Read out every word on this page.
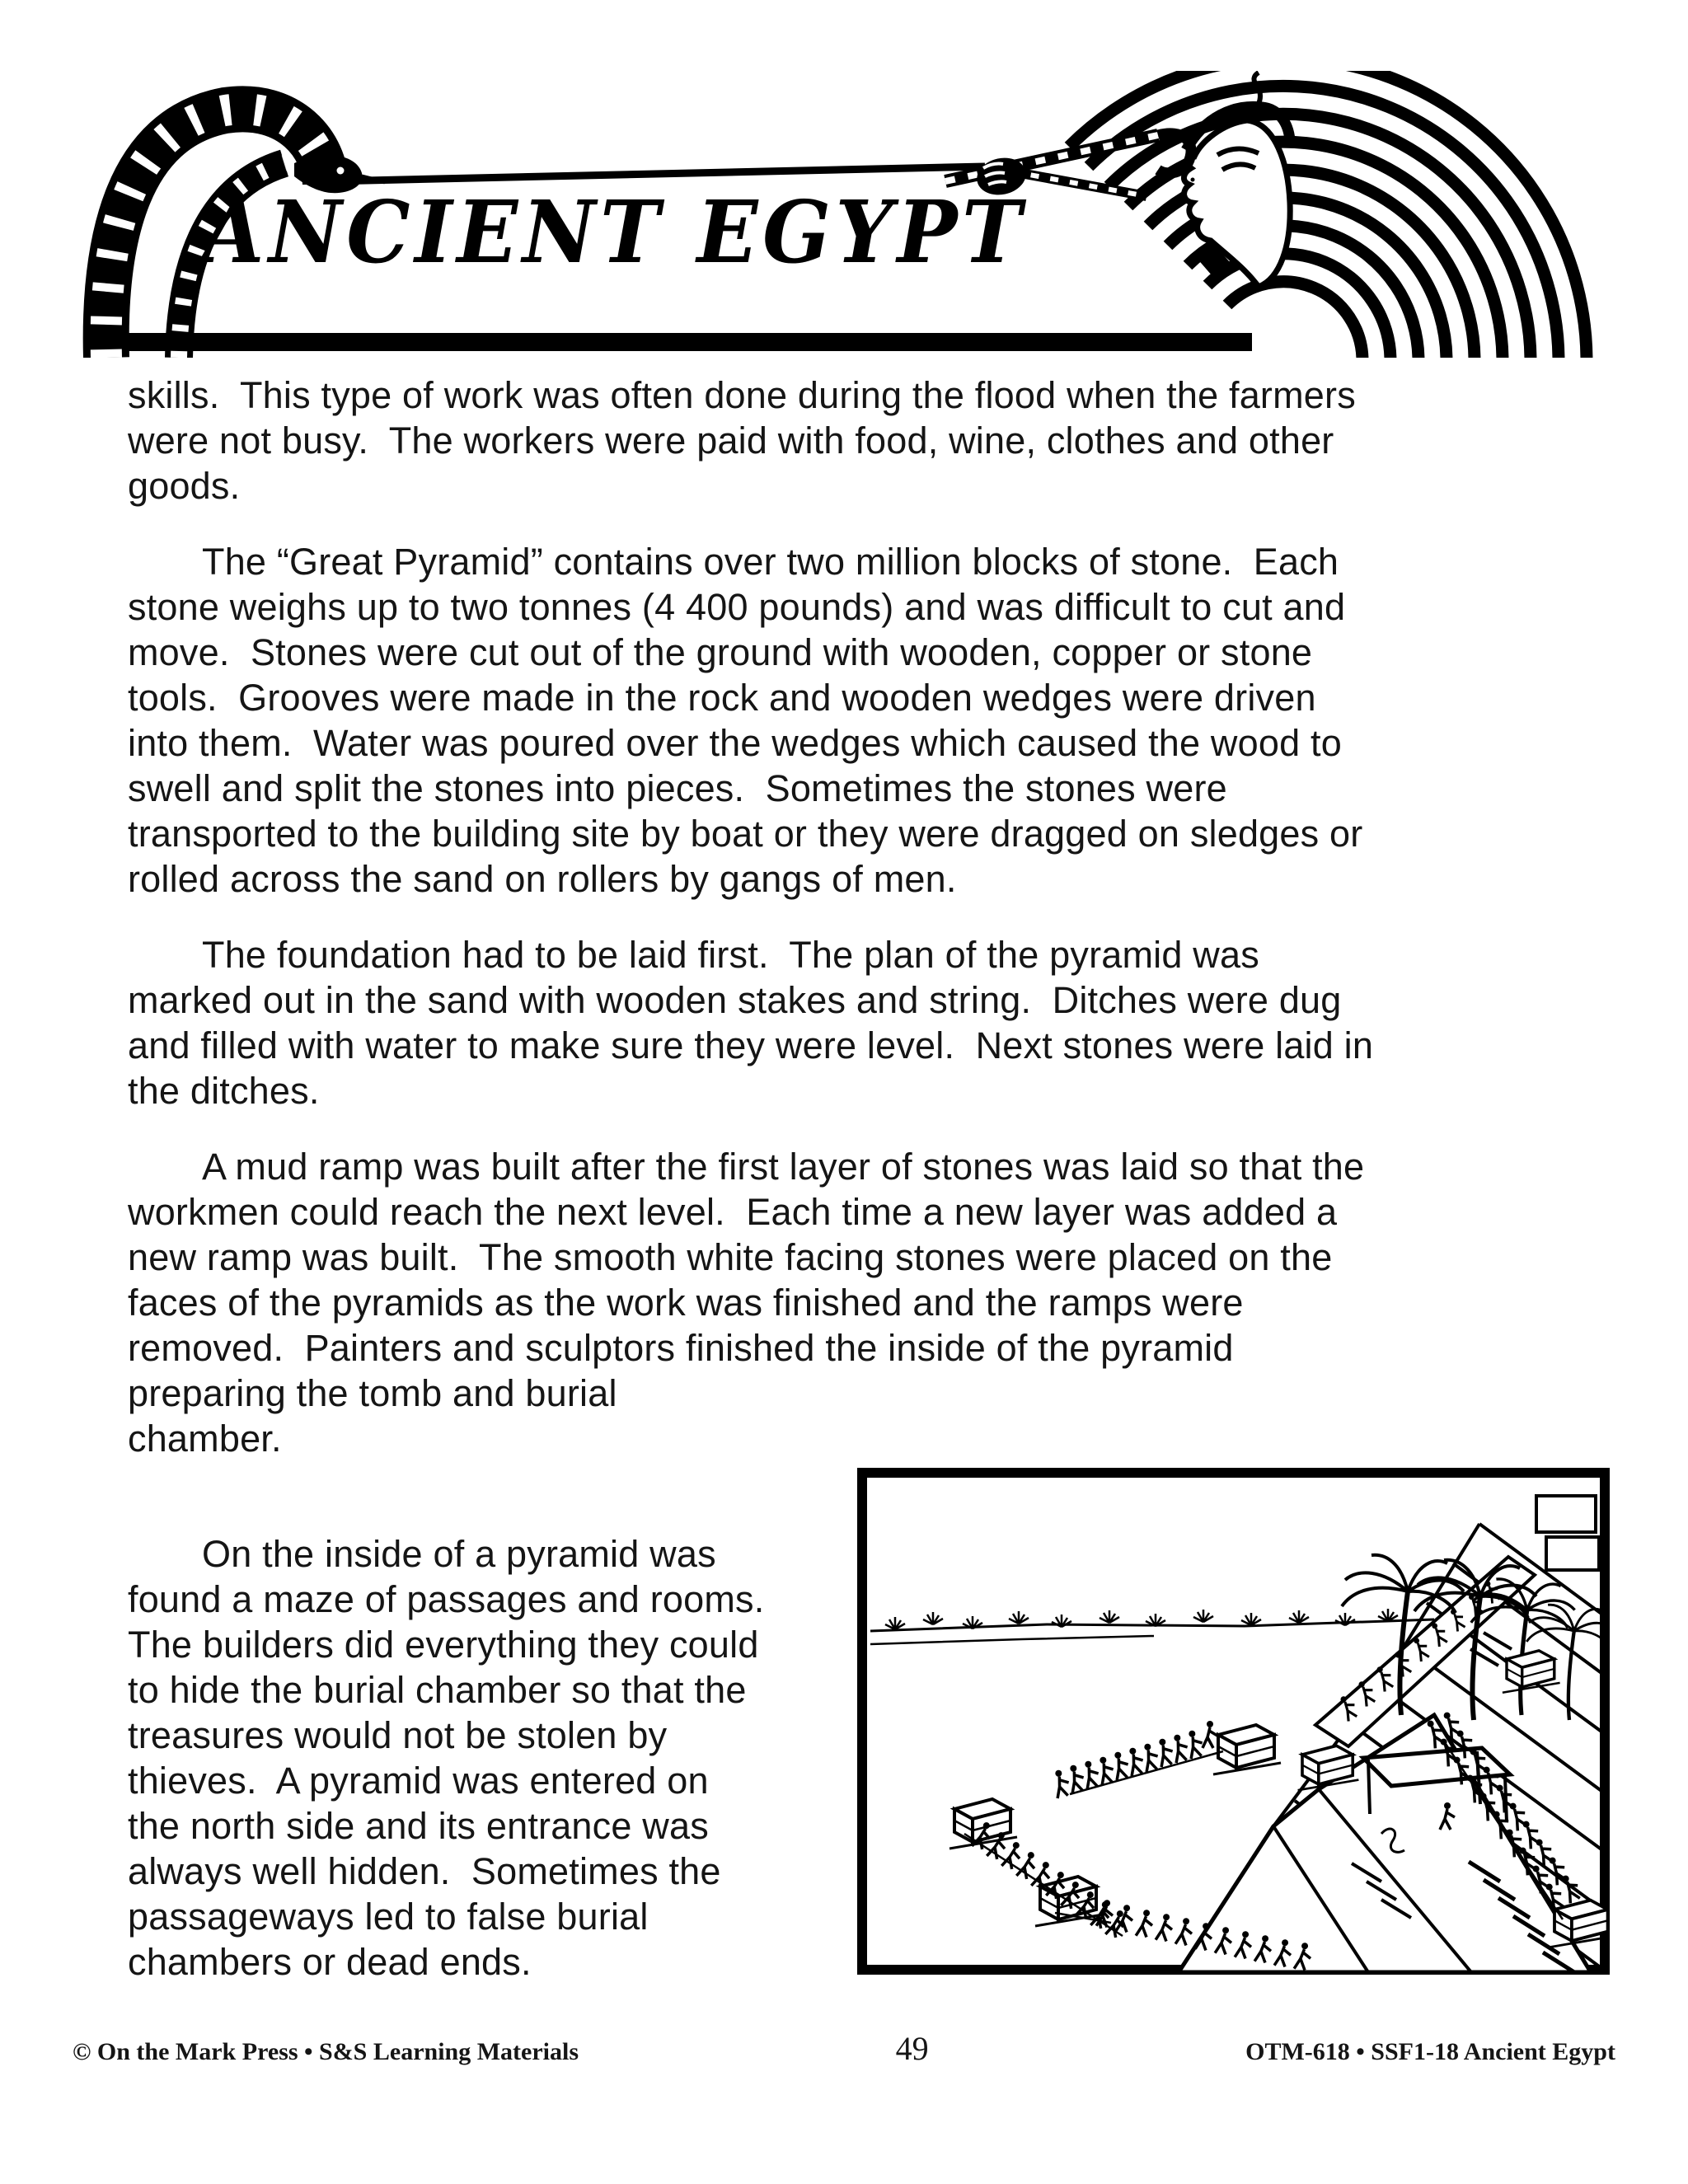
ANCIENT EGYPT
skills.  This type of work was often done during the flood when the farmers
were not busy.  The workers were paid with food, wine, clothes and other
goods.
The “Great Pyramid” contains over two million blocks of stone.  Each
stone weighs up to two tonnes (4 400 pounds) and was difficult to cut and
move.  Stones were cut out of the ground with wooden, copper or stone
tools.  Grooves were made in the rock and wooden wedges were driven
into them.  Water was poured over the wedges which caused the wood to
swell and split the stones into pieces.  Sometimes the stones were
transported to the building site by boat or they were dragged on sledges or
rolled across the sand on rollers by gangs of men.
The foundation had to be laid first.  The plan of the pyramid was
marked out in the sand with wooden stakes and string.  Ditches were dug
and filled with water to make sure they were level.  Next stones were laid in
the ditches.
A mud ramp was built after the first layer of stones was laid so that the
workmen could reach the next level.  Each time a new layer was added a
new ramp was built.  The smooth white facing stones were placed on the
faces of the pyramids as the work was finished and the ramps were
removed.  Painters and sculptors finished the inside of the pyramid
preparing the tomb and burial
chamber.
On the inside of a pyramid was
found a maze of passages and rooms.
The builders did everything they could
to hide the burial chamber so that the
treasures would not be stolen by
thieves.  A pyramid was entered on
the north side and its entrance was
always well hidden.  Sometimes the
passageways led to false burial
chambers or dead ends.
© On the Mark Press • S&S Learning Materials	49	OTM-618 • SSF1-18 Ancient Egypt
